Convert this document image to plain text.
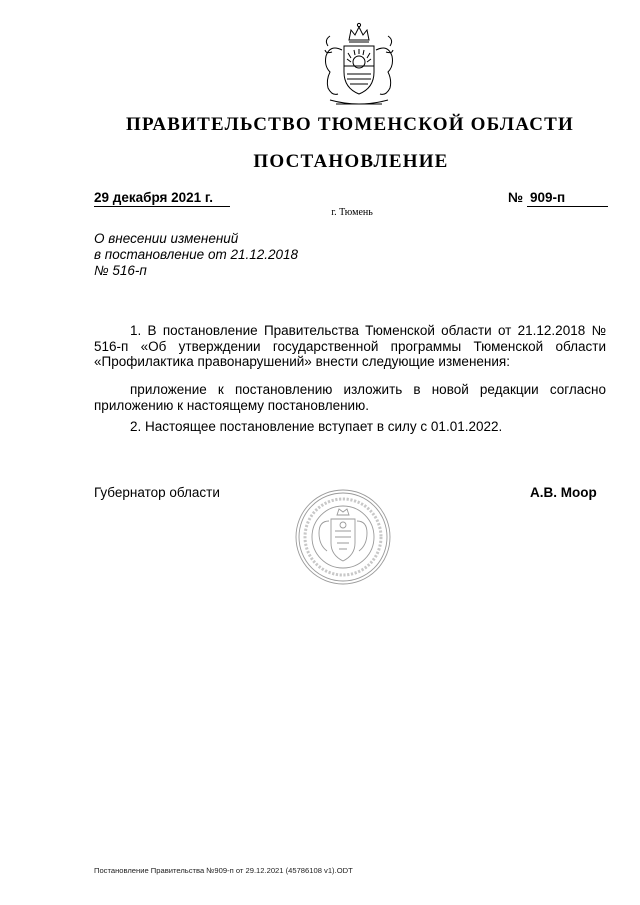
ПРАВИТЕЛЬСТВО ТЮМЕНСКОЙ ОБЛАСТИ
ПОСТАНОВЛЕНИЕ
29 декабря 2021 г.	№ 909-п
г. Тюмень
О внесении изменений
в постановление от 21.12.2018
№ 516-п
1. В постановление Правительства Тюменской области от 21.12.2018 № 516-п «Об утверждении государственной программы Тюменской области «Профилактика правонарушений» внести следующие изменения:
приложение к постановлению изложить в новой редакции согласно приложению к настоящему постановлению.
2. Настоящее постановление вступает в силу с 01.01.2022.
Губернатор области	А.В. Моор
Постановление Правительства №909-п от 29.12.2021 (45786108 v1).ODT
